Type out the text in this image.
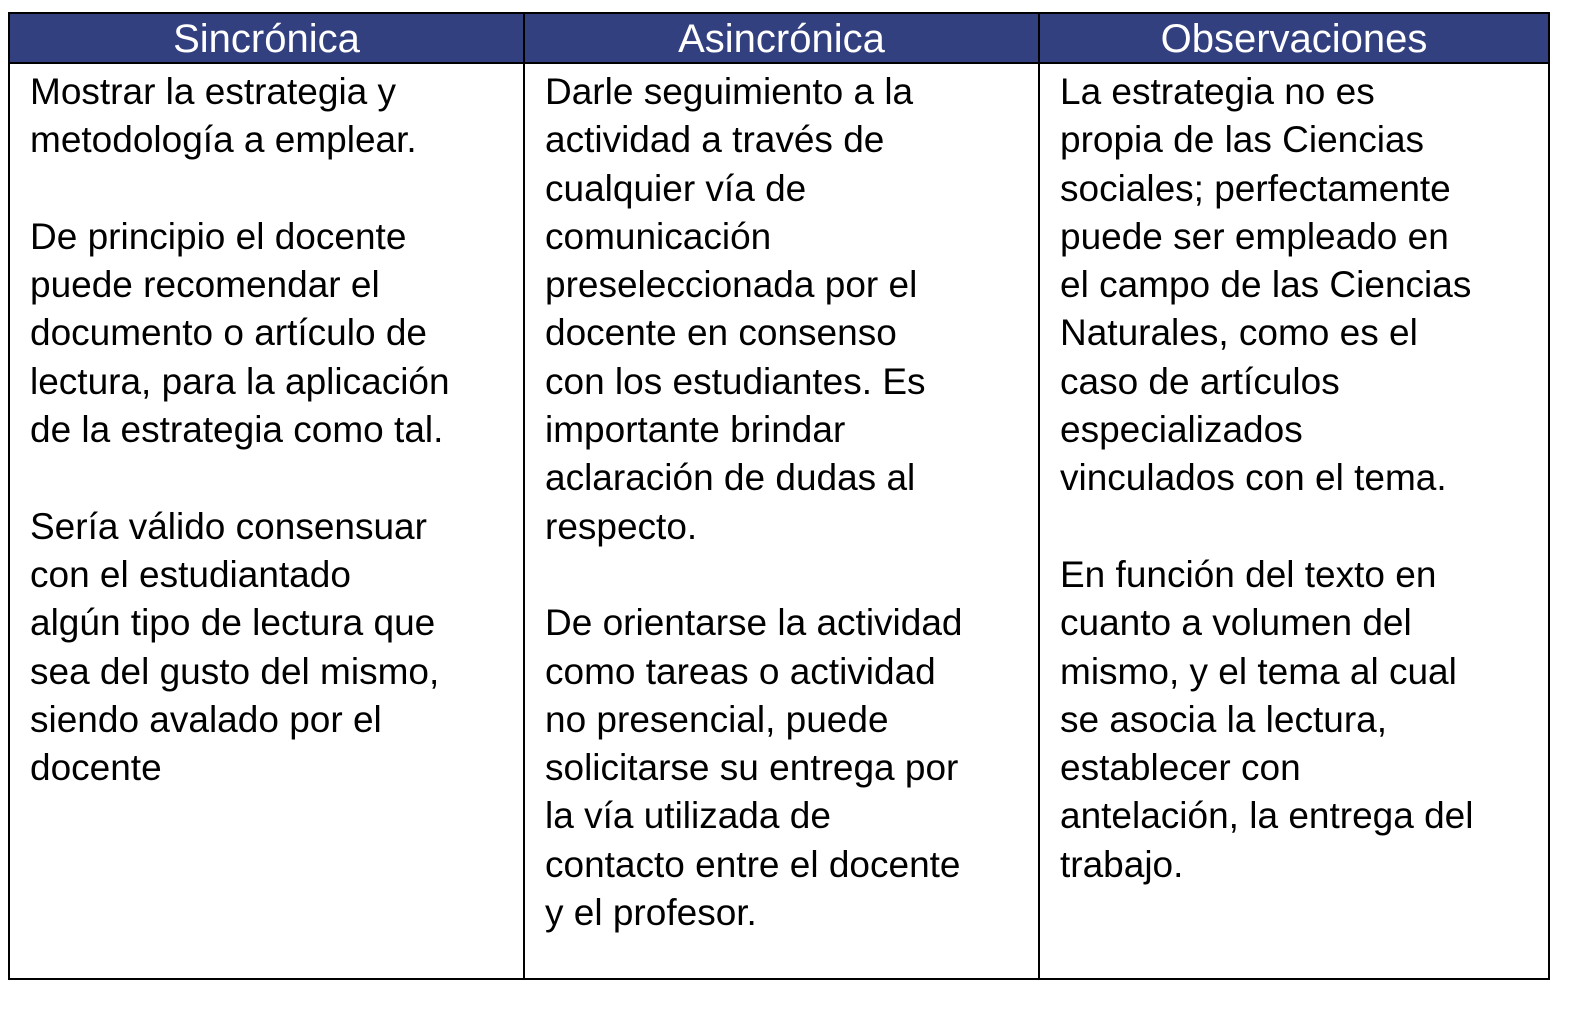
Sincrónica	Asincrónica	Observaciones

Mostrar la estrategia y
metodología a emplear.

De principio el docente
puede recomendar el
documento o artículo de
lectura, para la aplicación
de la estrategia como tal.

Sería válido consensuar
con el estudiantado
algún tipo de lectura que
sea del gusto del mismo,
siendo avalado por el
docente

Darle seguimiento a la
actividad a través de
cualquier vía de
comunicación
preseleccionada por el
docente en consenso
con los estudiantes. Es
importante brindar
aclaración de dudas al
respecto.

De orientarse la actividad
como tareas o actividad
no presencial, puede
solicitarse su entrega por
la vía utilizada de
contacto entre el docente
y el profesor.

La estrategia no es
propia de las Ciencias
sociales; perfectamente
puede ser empleado en
el campo de las Ciencias
Naturales, como es el
caso de artículos
especializados
vinculados con el tema.

En función del texto en
cuanto a volumen del
mismo, y el tema al cual
se asocia la lectura,
establecer con
antelación, la entrega del
trabajo.
